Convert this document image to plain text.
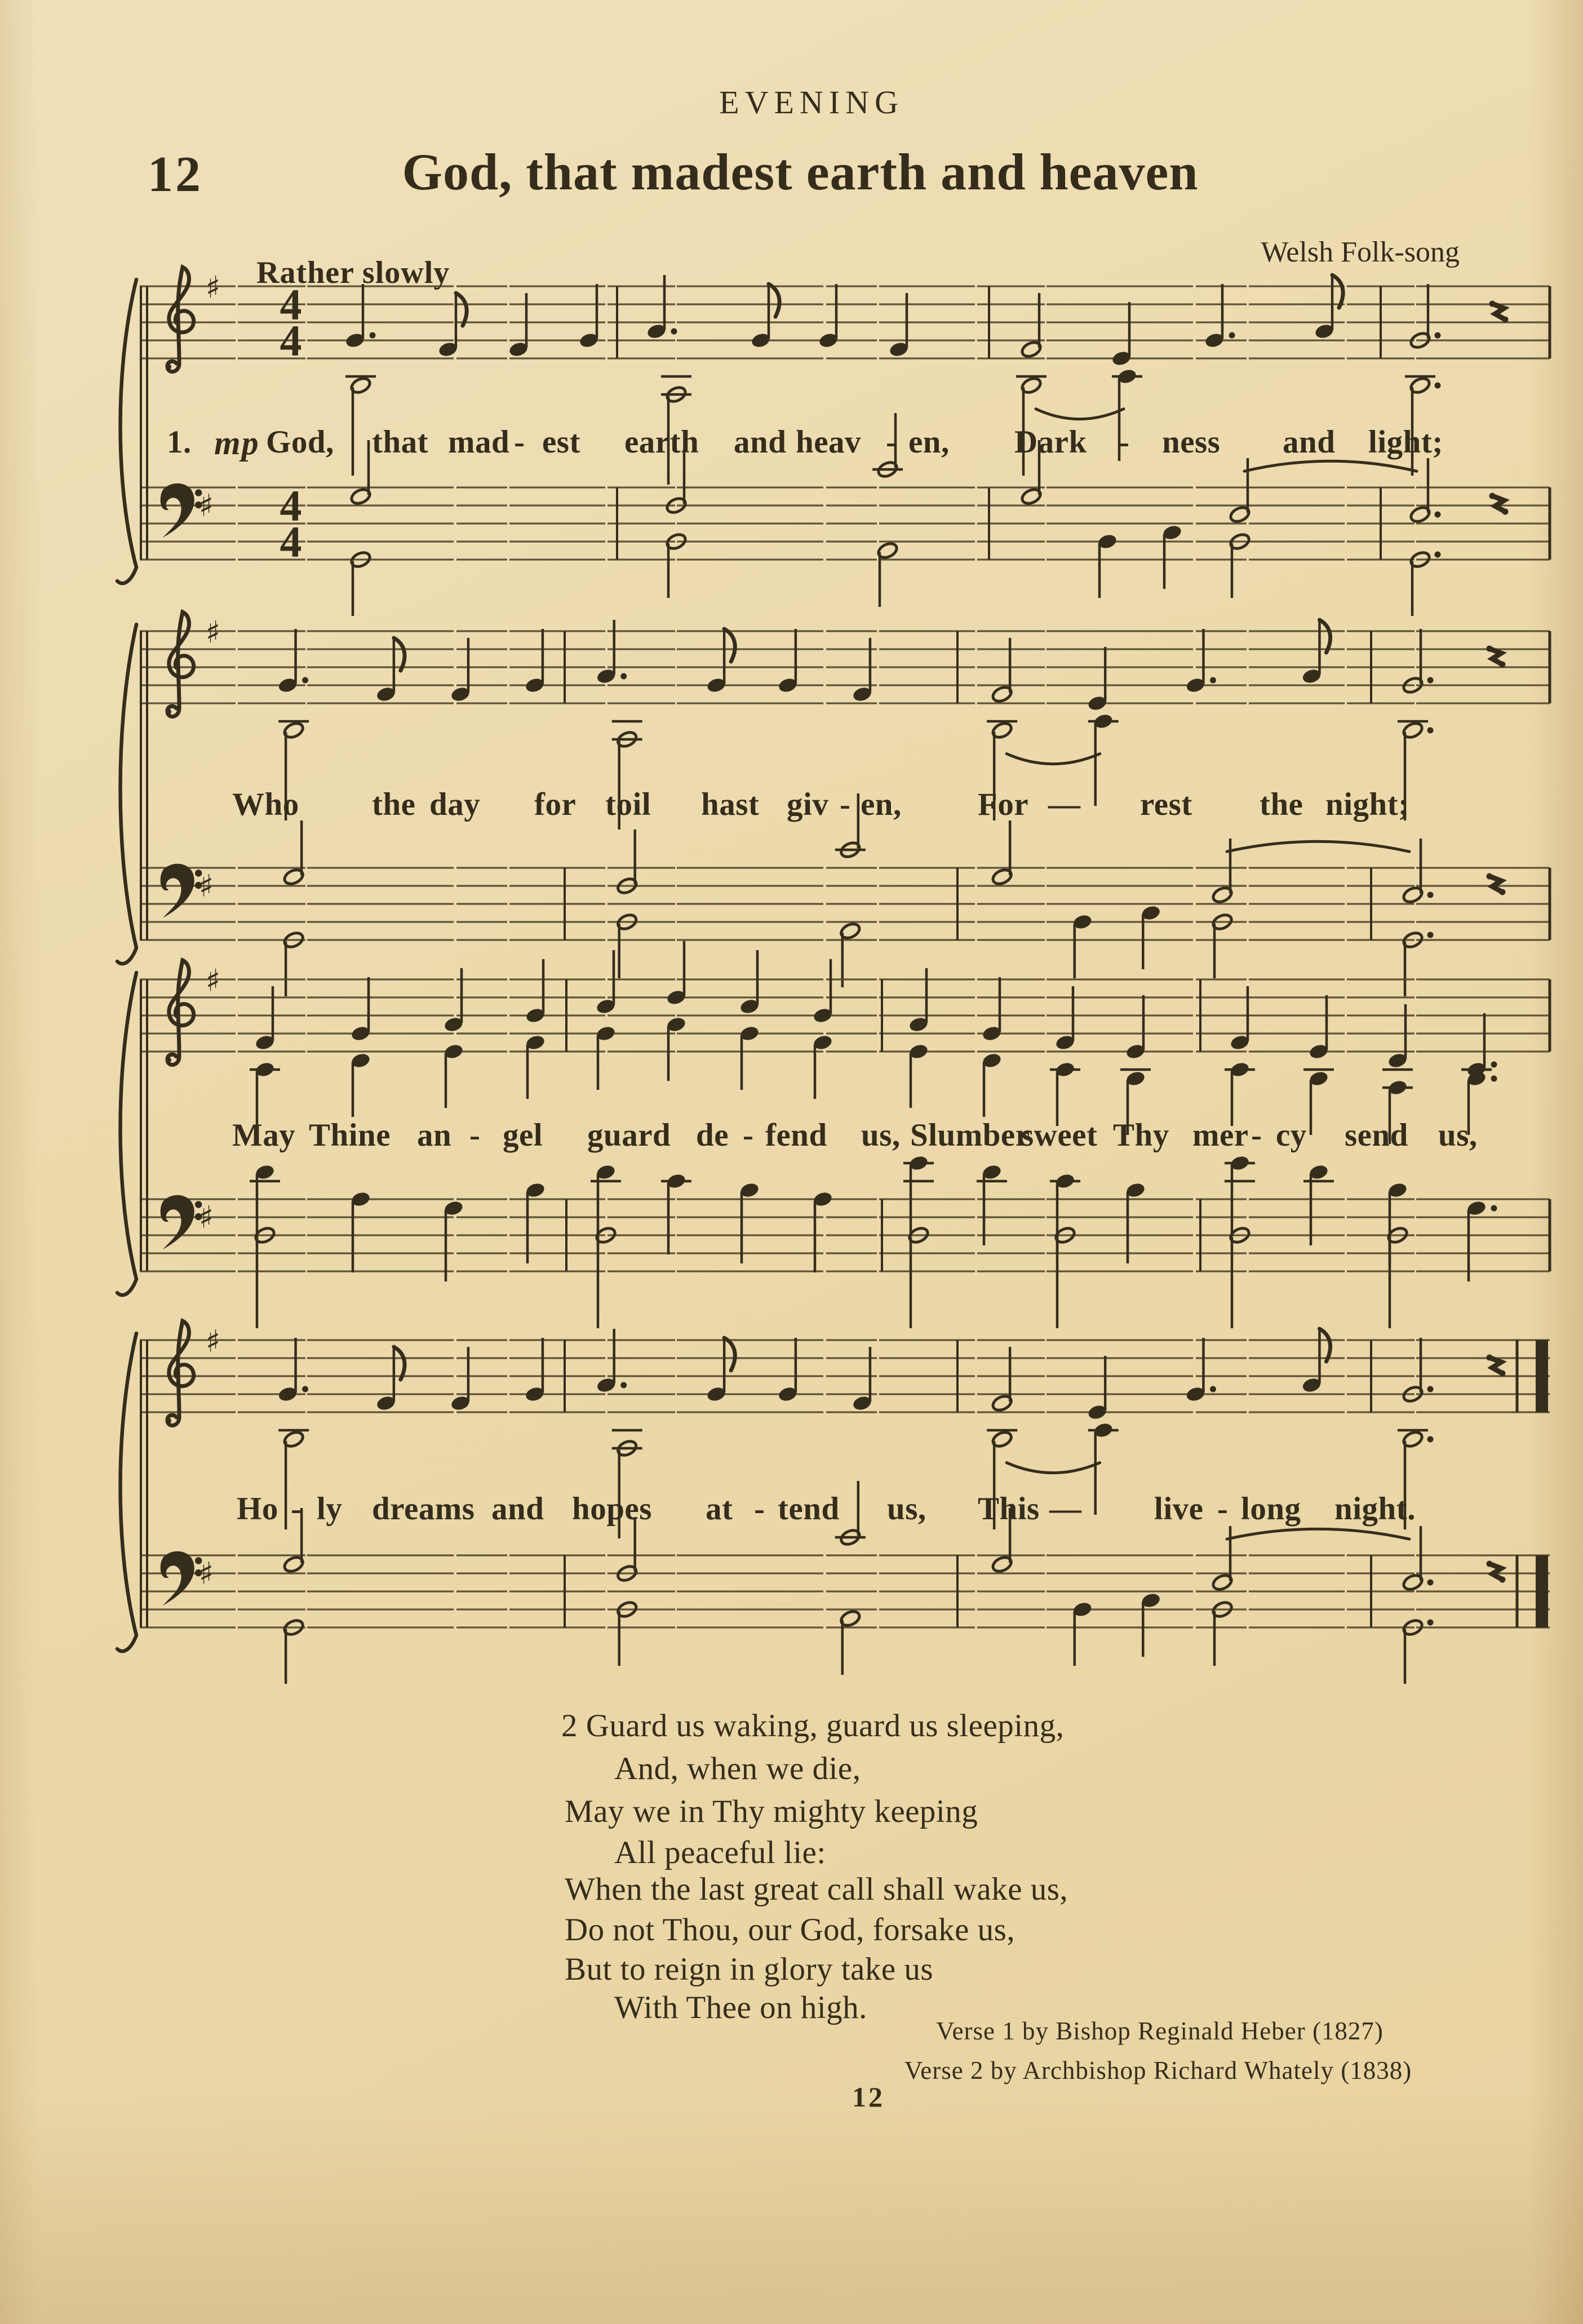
EVENING
12	God, that madest earth and heaven
Welsh Folk-song
Rather slowly
♯
♯
4
4
4
4
♯
♯
♯
♯
♯
♯
1. mp God, that mad - est earth and heav - en, Dark - ness and light;
Who the day for toil hast giv - en, For — rest the night;
May Thine an - gel guard de - fend us, Slumber
sweet Thy mer - cy send us,
Ho - ly dreams and hopes at - tend us, This — live - long night.
2 Guard us waking, guard us sleeping,
And, when we die,
May we in Thy mighty keeping
All peaceful lie:
When the last great call shall wake us,
Do not Thou, our God, forsake us,
But to reign in glory take us
With Thee on high.
Verse 1 by Bishop Reginald Heber (1827)
Verse 2 by Archbishop Richard Whately (1838)
12
